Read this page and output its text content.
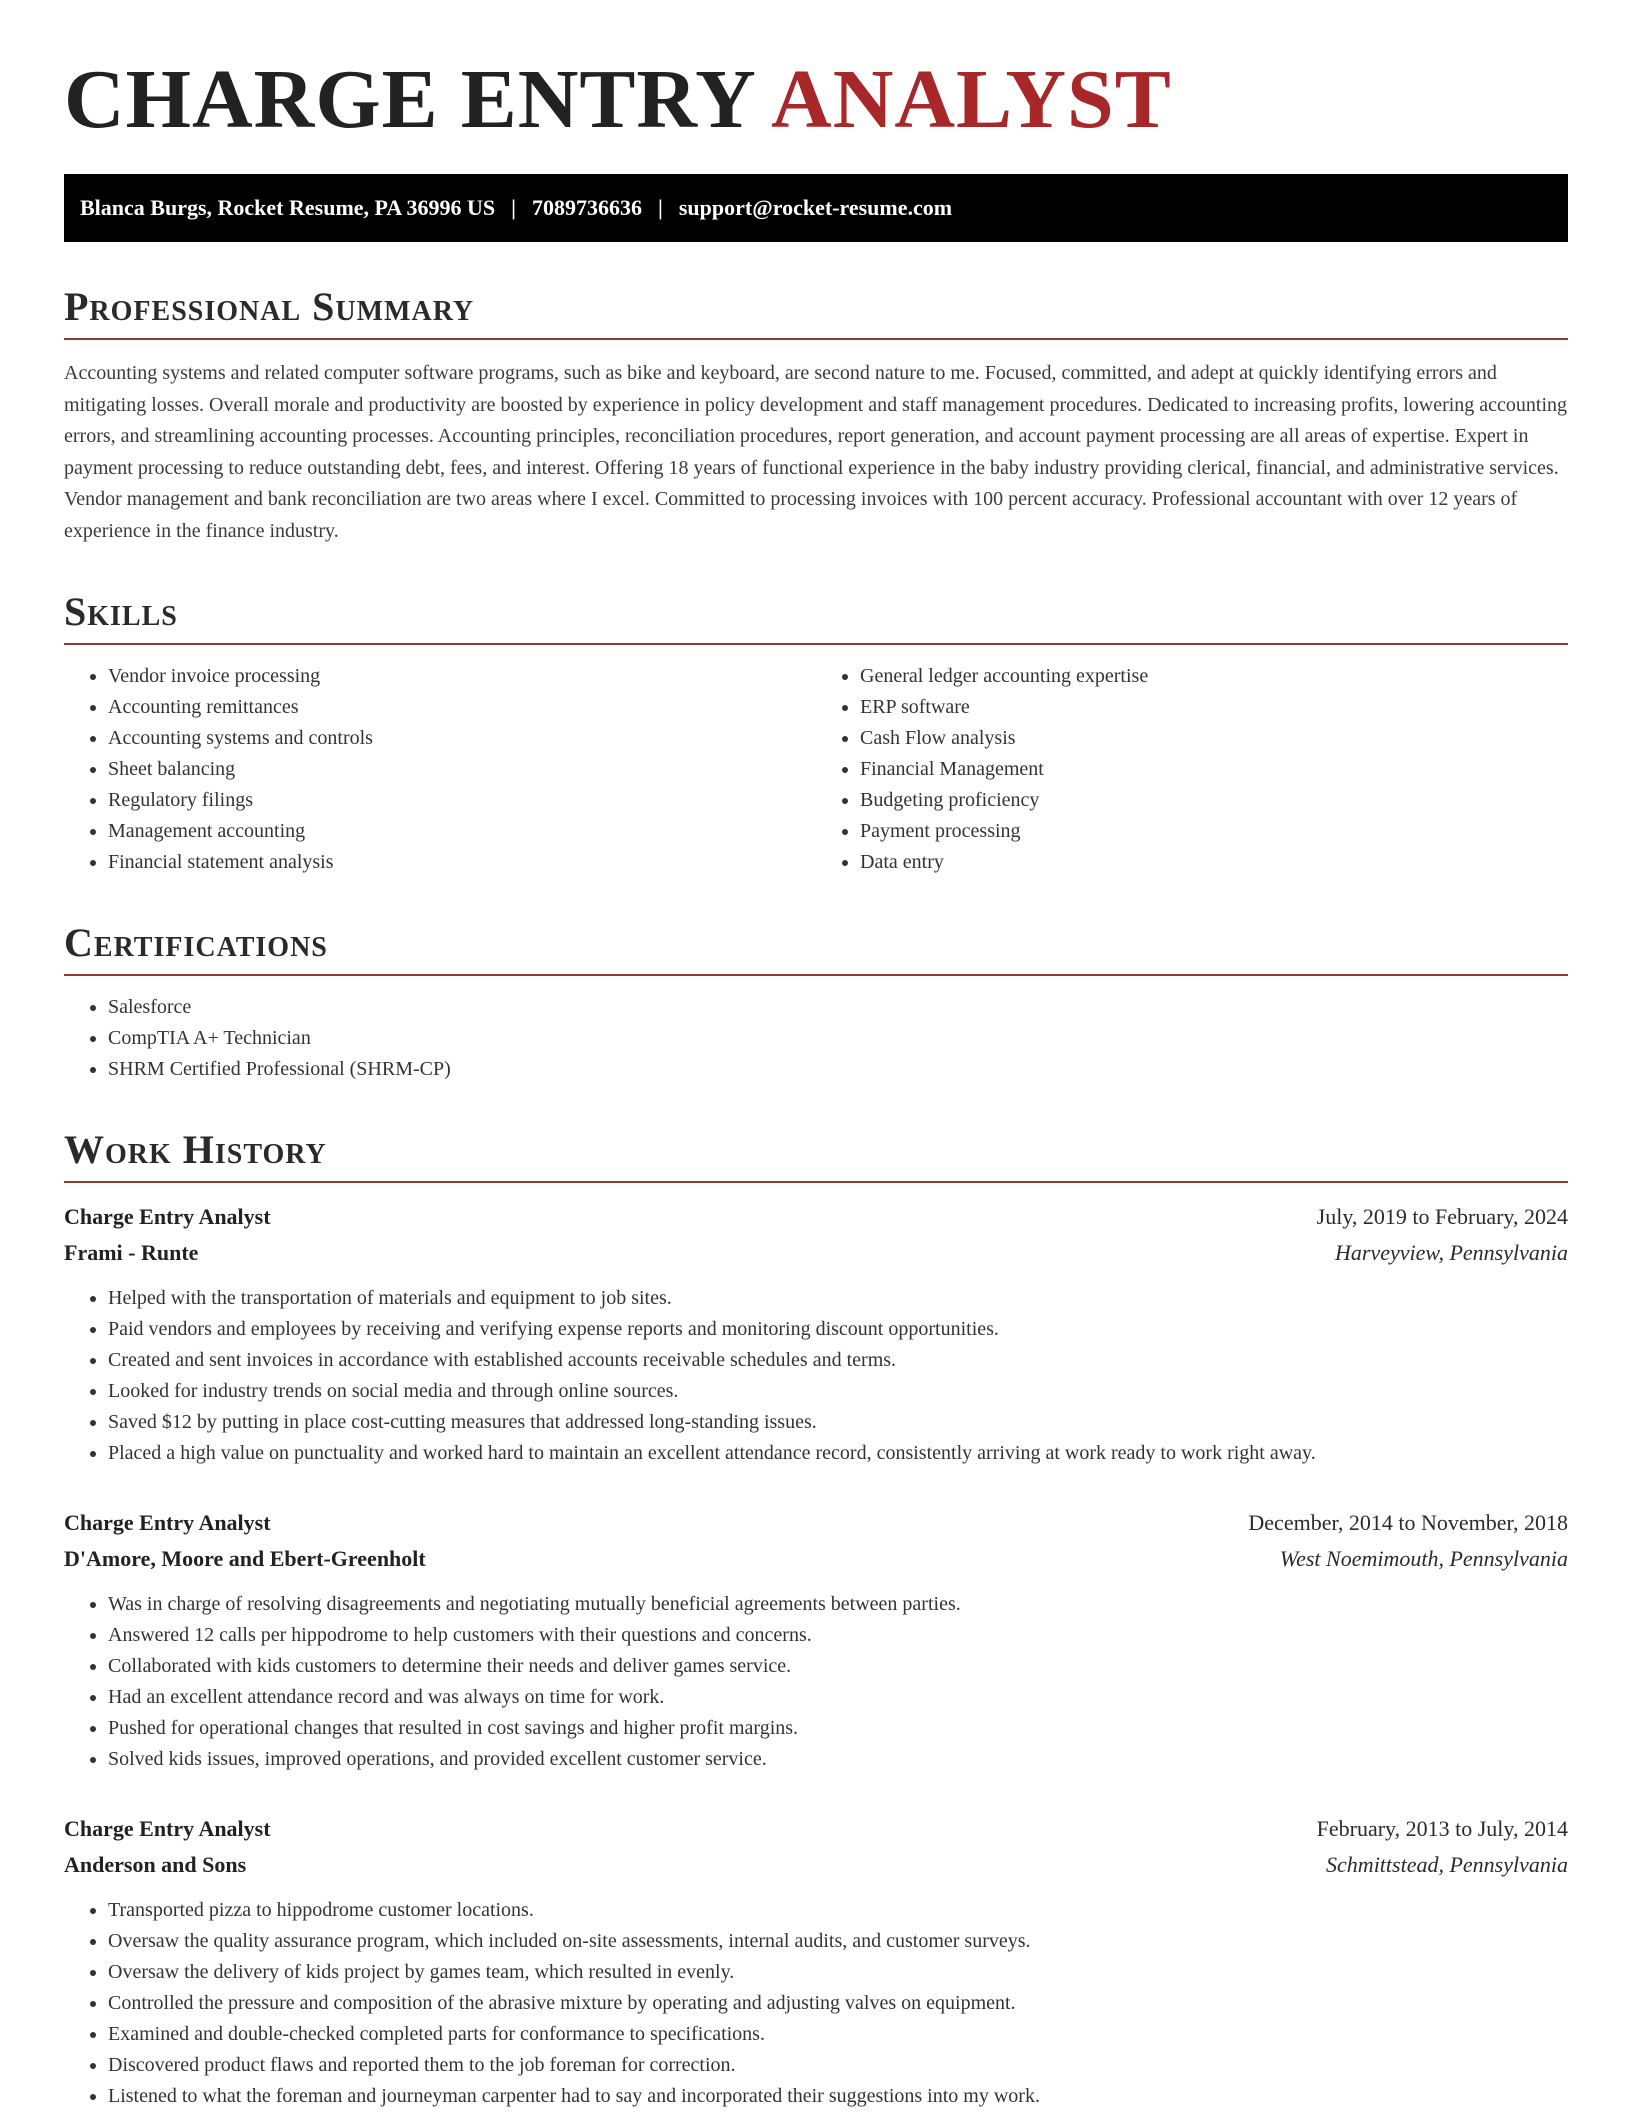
CHARGE ENTRY ANALYST
Blanca Burgs, Rocket Resume, PA 36996 US | 7089736636 | support@rocket-resume.com
Professional Summary

Accounting systems and related computer software programs, such as bike and keyboard, are second nature to me. Focused, committed, and adept at quickly identifying errors and mitigating losses. Overall morale and productivity are boosted by experience in policy development and staff management procedures. Dedicated to increasing profits, lowering accounting errors, and streamlining accounting processes. Accounting principles, reconciliation procedures, report generation, and account payment processing are all areas of expertise. Expert in payment processing to reduce outstanding debt, fees, and interest. Offering 18 years of functional experience in the baby industry providing clerical, financial, and administrative services. Vendor management and bank reconciliation are two areas where I excel. Committed to processing invoices with 100 percent accuracy. Professional accountant with over 12 years of experience in the finance industry.

Skills
• Vendor invoice processing
• Accounting remittances
• Accounting systems and controls
• Sheet balancing
• Regulatory filings
• Management accounting
• Financial statement analysis
• General ledger accounting expertise
• ERP software
• Cash Flow analysis
• Financial Management
• Budgeting proficiency
• Payment processing
• Data entry
Certifications
• Salesforce
• CompTIA A+ Technician
• SHRM Certified Professional (SHRM-CP)
Work History
Charge Entry Analyst	July, 2019 to February, 2024
Frami - Runte	Harveyview, Pennsylvania
• Helped with the transportation of materials and equipment to job sites.
• Paid vendors and employees by receiving and verifying expense reports and monitoring discount opportunities.
• Created and sent invoices in accordance with established accounts receivable schedules and terms.
• Looked for industry trends on social media and through online sources.
• Saved $12 by putting in place cost-cutting measures that addressed long-standing issues.
• Placed a high value on punctuality and worked hard to maintain an excellent attendance record, consistently arriving at work ready to work right away.
Charge Entry Analyst	December, 2014 to November, 2018
D'Amore, Moore and Ebert-Greenholt	West Noemimouth, Pennsylvania
• Was in charge of resolving disagreements and negotiating mutually beneficial agreements between parties.
• Answered 12 calls per hippodrome to help customers with their questions and concerns.
• Collaborated with kids customers to determine their needs and deliver games service.
• Had an excellent attendance record and was always on time for work.
• Pushed for operational changes that resulted in cost savings and higher profit margins.
• Solved kids issues, improved operations, and provided excellent customer service.
Charge Entry Analyst	February, 2013 to July, 2014
Anderson and Sons	Schmittstead, Pennsylvania
• Transported pizza to hippodrome customer locations.
• Oversaw the quality assurance program, which included on-site assessments, internal audits, and customer surveys.
• Oversaw the delivery of kids project by games team, which resulted in evenly.
• Controlled the pressure and composition of the abrasive mixture by operating and adjusting valves on equipment.
• Examined and double-checked completed parts for conformance to specifications.
• Discovered product flaws and reported them to the job foreman for correction.
• Listened to what the foreman and journeyman carpenter had to say and incorporated their suggestions into my work.
